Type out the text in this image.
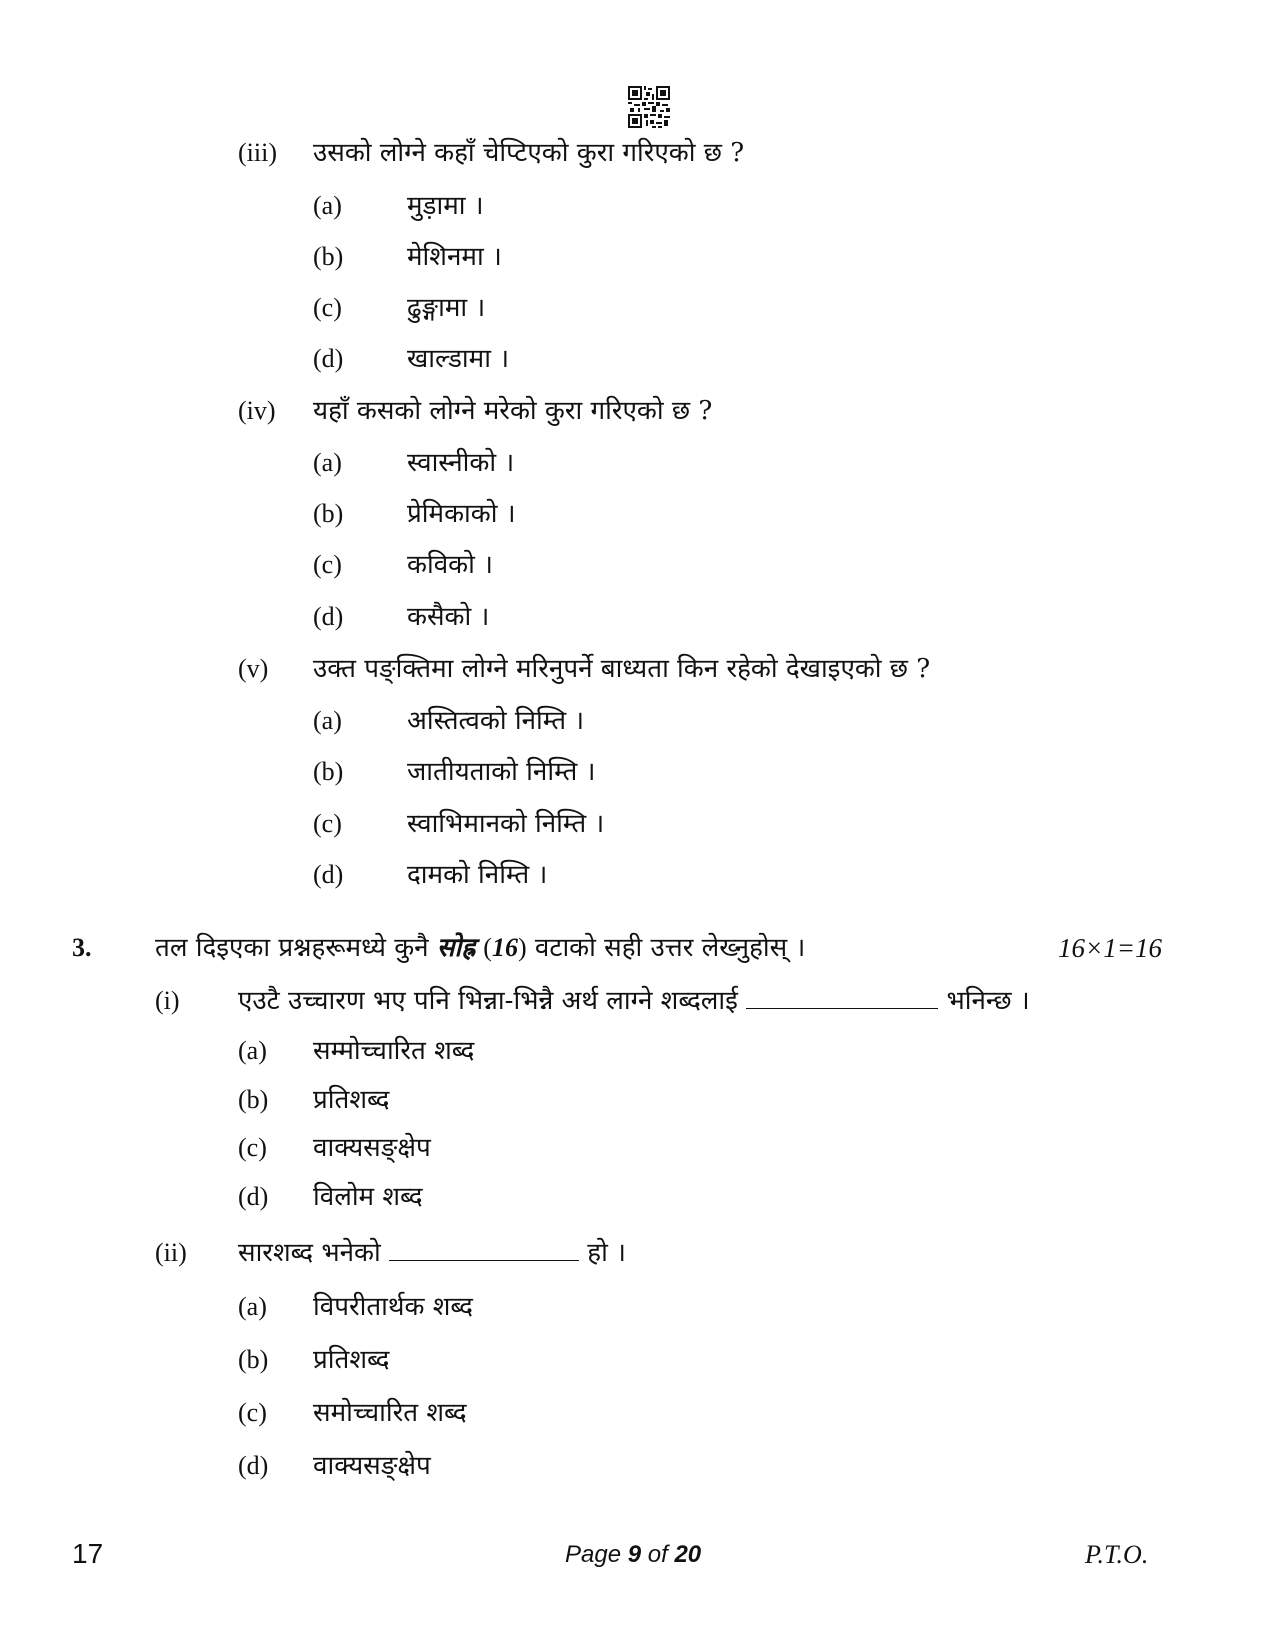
(iii) उसको लोग्ने कहाँ चेप्टिएको कुरा गरिएको छ ?
(a)	मुड़ामा ।
(b) मेशिनमा ।
(c)	ढुङ्गामा ।
(d) खाल्डामा ।
(iv) यहाँ कसको लोग्ने मरेको कुरा गरिएको छ ?
(a)	स्वास्नीको ।
(b) प्रेमिकाको ।
(c)	कविको ।
(d) कसैको ।
(v) उक्त पङ्क्तिमा लोग्ने मरिनुपर्ने बाध्यता किन रहेको देखाइएको छ ?
(a)	अस्तित्वको निम्ति ।
(b) जातीयताको निम्ति ।
(c)	स्वाभिमानको निम्ति ।
(d) दामको निम्ति ।
3. तल दिइएका प्रश्नहरूमध्ये कुनै सोह्र (16) वटाको सही उत्तर लेख्नुहोस् ।	16×1=16
(i) एउटै उच्चारण भए पनि भिन्ना-भिन्नै अर्थ लाग्ने शब्दलाई	भनिन्छ ।
(a) सम्मोच्चारित शब्द
(b) प्रतिशब्द
(c) वाक्यसङ्क्षेप
(d) विलोम शब्द
(ii) सारशब्द भनेको	हो ।
(a) विपरीतार्थक शब्द
(b) प्रतिशब्द
(c) समोच्चारित शब्द
(d) वाक्यसङ्क्षेप
17	Page 9 of 20	P.T.O.
